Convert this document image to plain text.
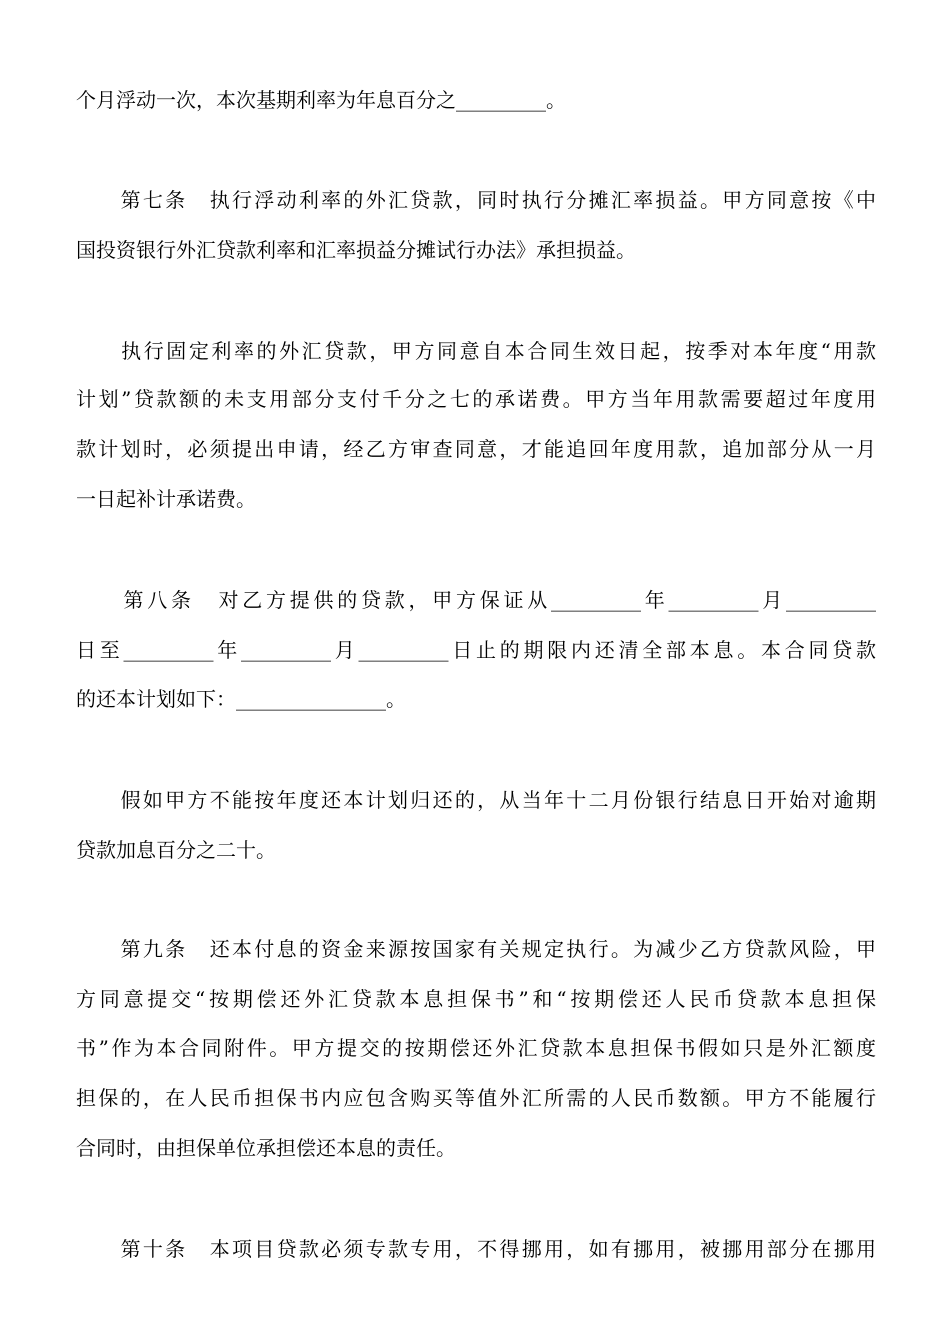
个月浮动一次，本次基期利率为年息百分之_________。
　　第七条　执行浮动利率的外汇贷款，同时执行分摊汇率损益。甲方同意按《中
国投资银行外汇贷款利率和汇率损益分摊试行办法》承担损益。
　　执行固定利率的外汇贷款，甲方同意自本合同生效日起，按季对本年度“用款
计划”贷款额的未支用部分支付千分之七的承诺费。甲方当年用款需要超过年度用
款计划时，必须提出申请，经乙方审查同意，才能追回年度用款，追加部分从一月
一日起补计承诺费。
　　第八条　对乙方提供的贷款，甲方保证从_________年_________月_________
日至_________年_________月_________日止的期限内还清全部本息。本合同贷款
的还本计划如下：_______________。
　　假如甲方不能按年度还本计划归还的，从当年十二月份银行结息日开始对逾期
贷款加息百分之二十。
　　第九条　还本付息的资金来源按国家有关规定执行。为减少乙方贷款风险，甲
方同意提交“按期偿还外汇贷款本息担保书”和“按期偿还人民币贷款本息担保
书”作为本合同附件。甲方提交的按期偿还外汇贷款本息担保书假如只是外汇额度
担保的，在人民币担保书内应包含购买等值外汇所需的人民币数额。甲方不能履行
合同时，由担保单位承担偿还本息的责任。
　　第十条　本项目贷款必须专款专用，不得挪用，如有挪用，被挪用部分在挪用
